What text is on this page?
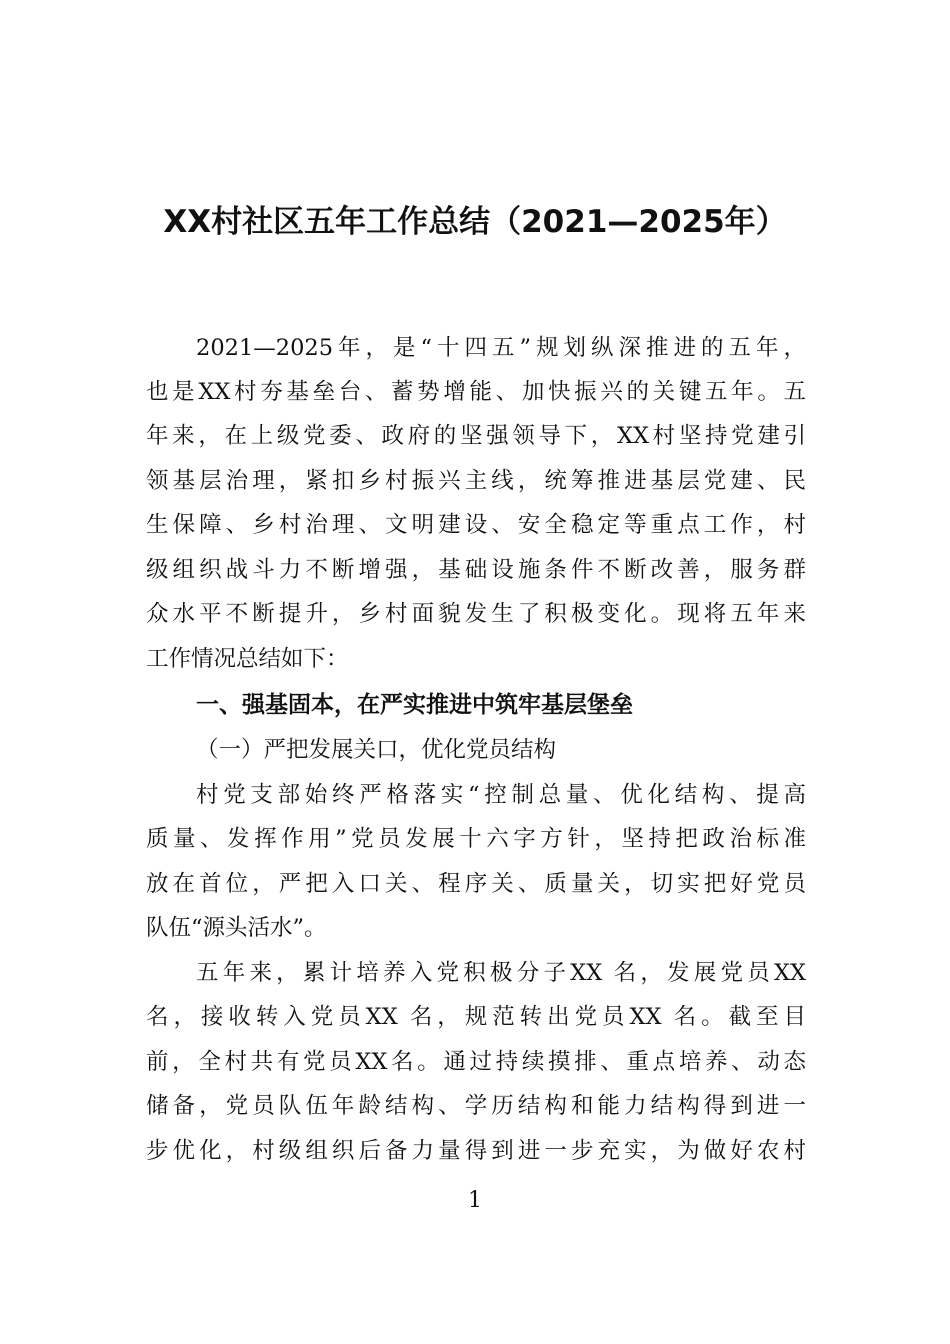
XX村社区五年工作总结（2021—2025年）
2021—2025年，是“十四五”规划纵深推进的五年，
也是XX村夯基垒台、蓄势增能、加快振兴的关键五年。五
年来，在上级党委、政府的坚强领导下，XX村坚持党建引
领基层治理，紧扣乡村振兴主线，统筹推进基层党建、民
生保障、乡村治理、文明建设、安全稳定等重点工作，村
级组织战斗力不断增强，基础设施条件不断改善，服务群
众水平不断提升，乡村面貌发生了积极变化。现将五年来
工作情况总结如下：
一、强基固本，在严实推进中筑牢基层堡垒
（一）严把发展关口，优化党员结构
村党支部始终严格落实“控制总量、优化结构、提高
质量、发挥作用”党员发展十六字方针，坚持把政治标准
放在首位，严把入口关、程序关、质量关，切实把好党员
队伍“源头活水”。
五年来，累计培养入党积极分子XX 名，发展党员XX
名，接收转入党员XX 名，规范转出党员XX 名。截至目
前，全村共有党员XX名。通过持续摸排、重点培养、动态
储备，党员队伍年龄结构、学历结构和能力结构得到进一
步优化，村级组织后备力量得到进一步充实，为做好农村
1
